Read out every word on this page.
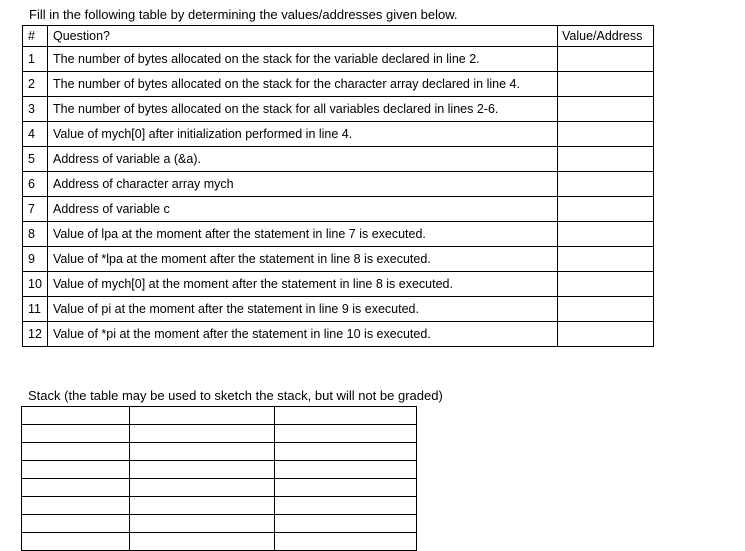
Fill in the following table by determining the values/addresses given below.
#	Question?	Value/Address
1	The number of bytes allocated on the stack for the variable declared in line 2.	
2	The number of bytes allocated on the stack for the character array declared in line 4.	
3	The number of bytes allocated on the stack for all variables declared in lines 2-6.	
4	Value of mych[0] after initialization performed in line 4.	
5	Address of variable a (&a).	
6	Address of character array mych	
7	Address of variable c	
8	Value of lpa at the moment after the statement in line 7 is executed.	
9	Value of *lpa at the moment after the statement in line 8 is executed.	
10	Value of mych[0] at the moment after the statement in line 8 is executed.	
11	Value of pi at the moment after the statement in line 9 is executed.	
12	Value of *pi at the moment after the statement in line 10 is executed.	
Stack (the table may be used to sketch the stack, but will not be graded)
